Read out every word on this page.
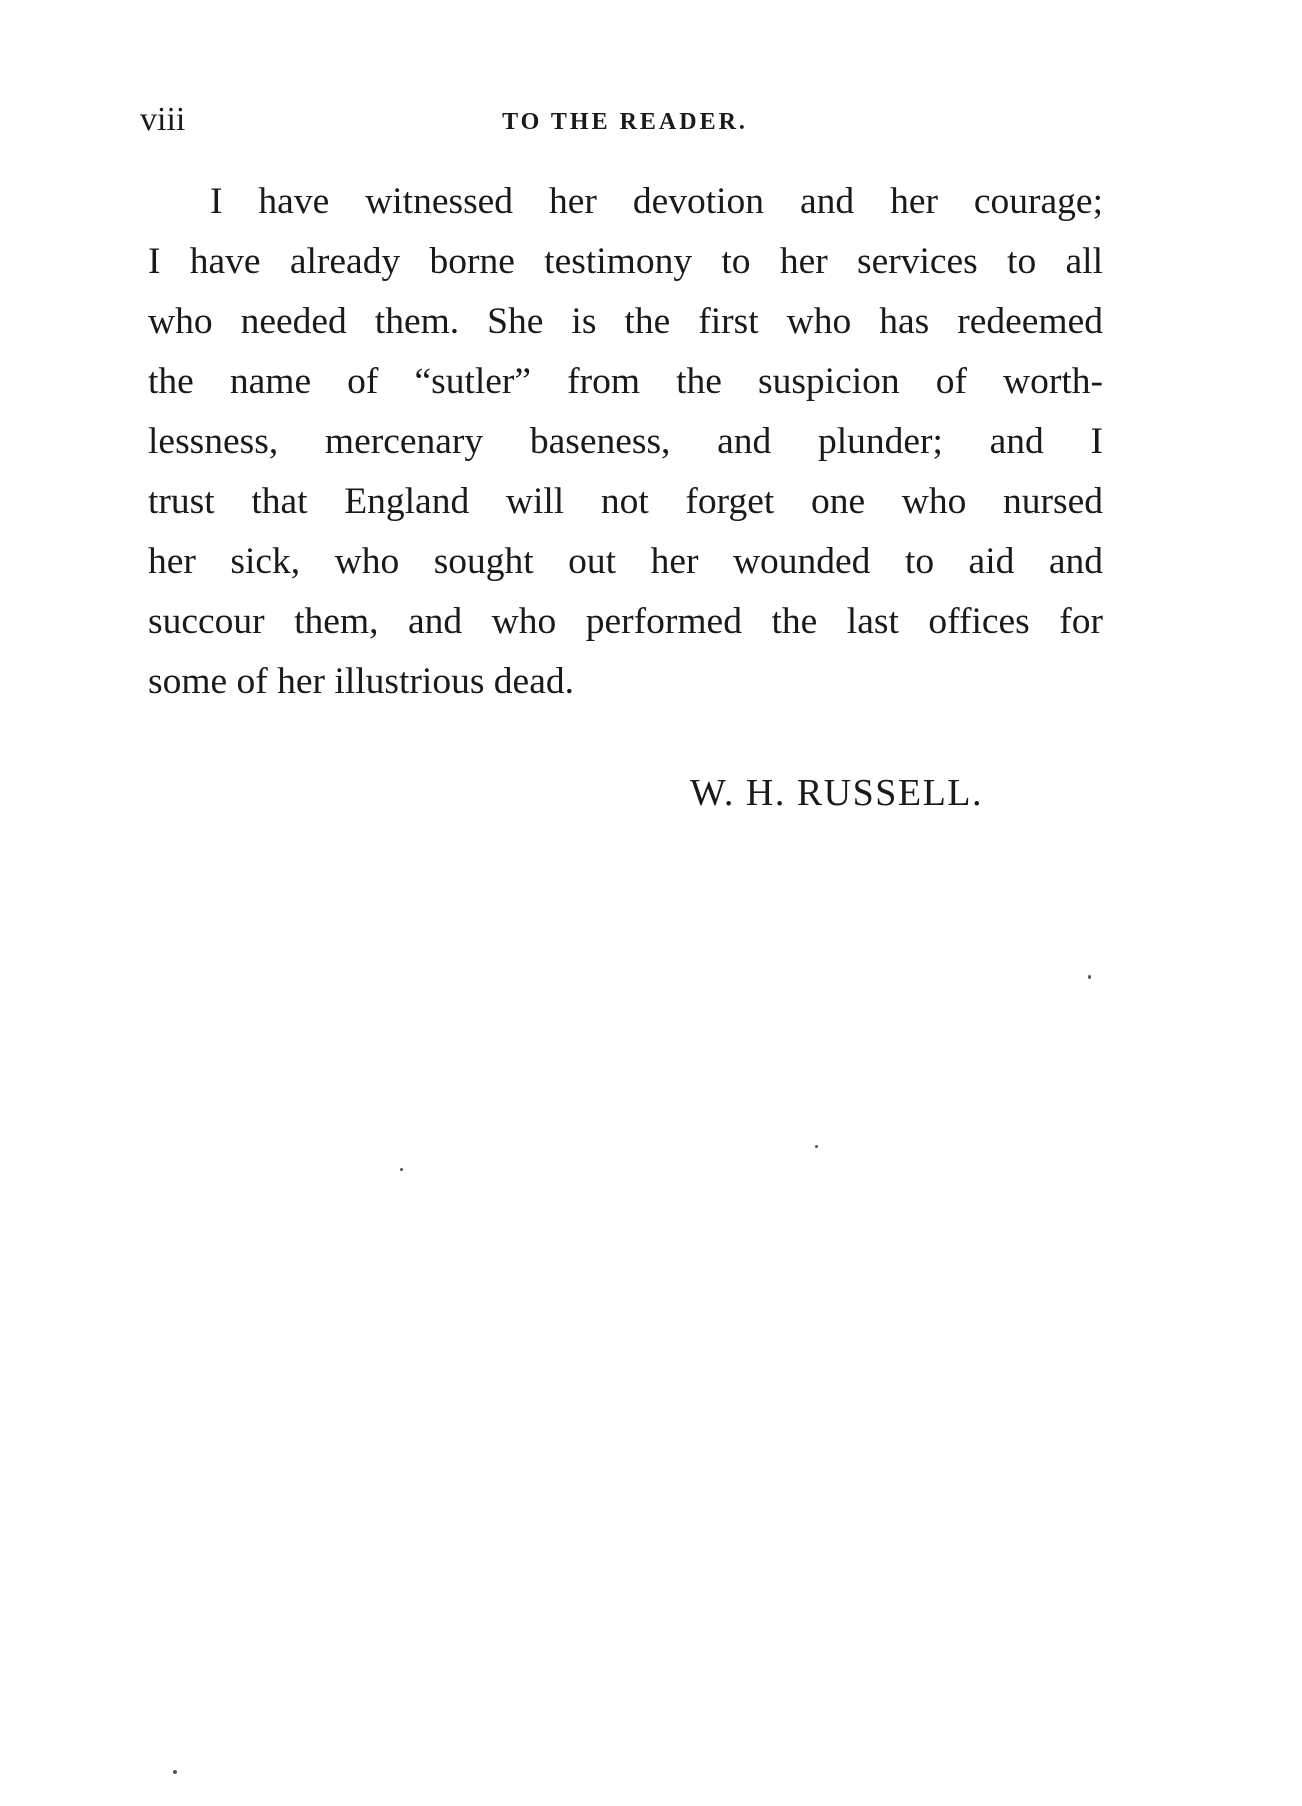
viii	TO THE READER.
I have witnessed her devotion and her courage;
I have already borne testimony to her services to all
who needed them. She is the first who has redeemed
the name of “sutler” from the suspicion of worth-
lessness, mercenary baseness, and plunder; and I
trust that England will not forget one who nursed
her sick, who sought out her wounded to aid and
succour them, and who performed the last offices for
some of her illustrious dead.
W. H. RUSSELL.
